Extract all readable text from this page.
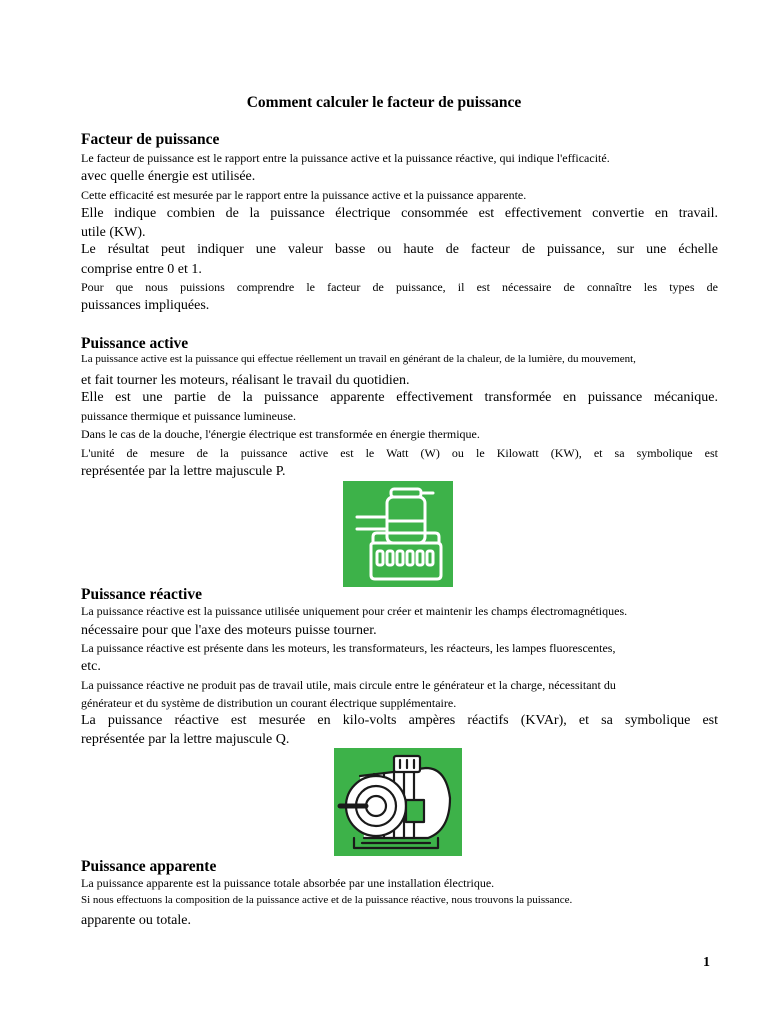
Comment calculer le facteur de puissance
Facteur de puissance
Le facteur de puissance est le rapport entre la puissance active et la puissance réactive, qui indique l'efficacité.
avec quelle énergie est utilisée.
Cette efficacité est mesurée par le rapport entre la puissance active et la puissance apparente.
Elle indique combien de la puissance électrique consommée est effectivement convertie en travail.
utile (KW).
Le résultat peut indiquer une valeur basse ou haute de facteur de puissance, sur une échelle
comprise entre 0 et 1.
Pour que nous puissions comprendre le facteur de puissance, il est nécessaire de connaître les types de
puissances impliquées.
Puissance active
La puissance active est la puissance qui effectue réellement un travail en générant de la chaleur, de la lumière, du mouvement,
et fait tourner les moteurs, réalisant le travail du quotidien.
Elle est une partie de la puissance apparente effectivement transformée en puissance mécanique.
puissance thermique et puissance lumineuse.
Dans le cas de la douche, l'énergie électrique est transformée en énergie thermique.
L'unité de mesure de la puissance active est le Watt (W) ou le Kilowatt (KW), et sa symbolique est
représentée par la lettre majuscule P.
Puissance réactive
La puissance réactive est la puissance utilisée uniquement pour créer et maintenir les champs électromagnétiques.
nécessaire pour que l'axe des moteurs puisse tourner.
La puissance réactive est présente dans les moteurs, les transformateurs, les réacteurs, les lampes fluorescentes,
etc.
La puissance réactive ne produit pas de travail utile, mais circule entre le générateur et la charge, nécessitant du
générateur et du système de distribution un courant électrique supplémentaire.
La puissance réactive est mesurée en kilo-volts ampères réactifs (KVAr), et sa symbolique est
représentée par la lettre majuscule Q.
Puissance apparente
La puissance apparente est la puissance totale absorbée par une installation électrique.
Si nous effectuons la composition de la puissance active et de la puissance réactive, nous trouvons la puissance.
apparente ou totale.
1
